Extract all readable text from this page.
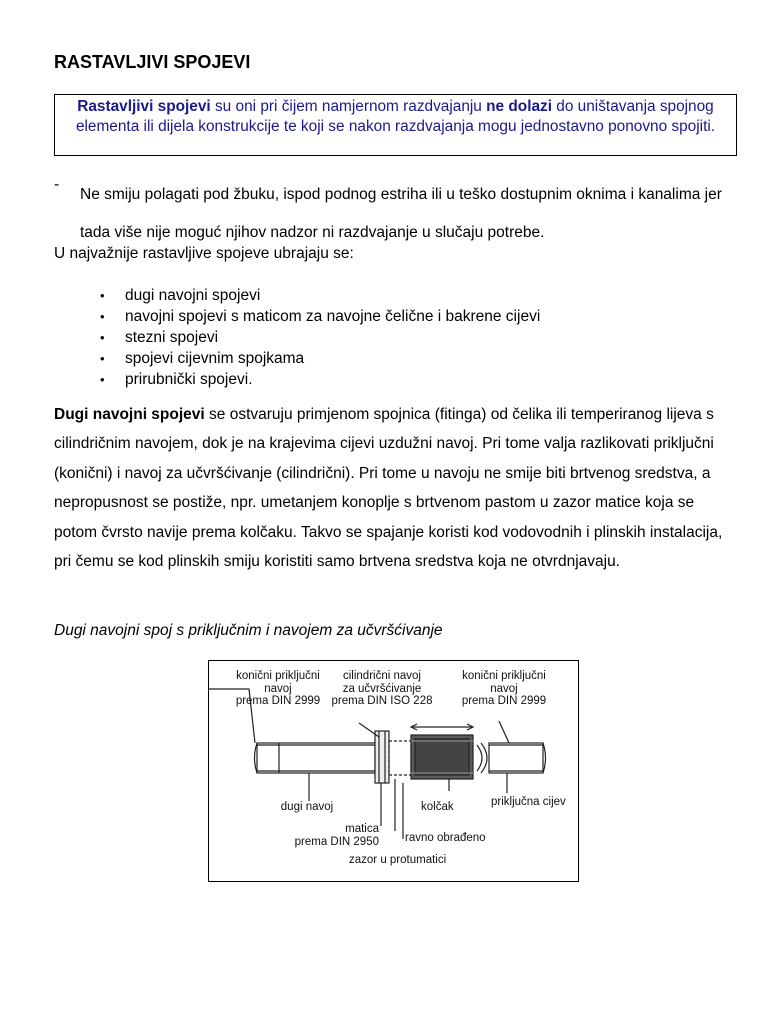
RASTAVLJIVI SPOJEVI
Rastavljivi spojevi su oni pri čijem namjernom razdvajanju ne dolazi do uništavanja spojnog elementa ili dijela konstrukcije te koji se nakon razdvajanja mogu jednostavno ponovno spojiti.
-
Ne smiju polagati pod žbuku, ispod podnog estriha ili u teško dostupnim oknima i kanalima jer tada više nije moguć njihov nadzor ni razdvajanje u slučaju potrebe.
U najvažnije rastavljive spojeve ubrajaju se:
• dugi navojni spojevi
• navojni spojevi s maticom za navojne čelične i bakrene cijevi
• stezni spojevi
• spojevi cijevnim spojkama
• prirubnički spojevi.
Dugi navojni spojevi se ostvaruju primjenom spojnica (fitinga) od čelika ili temperiranog lijeva s cilindričnim navojem, dok je na krajevima cijevi uzdužni navoj. Pri tome valja razlikovati priključni (konični) i navoj za učvršćivanje (cilindrični). Pri tome u navoju ne smije biti brtvenog sredstva, a nepropusnost se postiže, npr. umetanjem konoplje s brtvenom pastom u zazor matice koja se potom čvrsto navije prema kolčaku. Takvo se spajanje koristi kod vodovodnih i plinskih instalacija, pri čemu se kod plinskih smiju koristiti samo brtvena sredstva koja ne otvrdnjavaju.
Dugi navojni spoj s priključnim i navojem za učvršćivanje
konični priključni
navoj
prema DIN 2999
cilindrični navoj
za učvršćivanje
prema DIN ISO 228
konični priključni
navoj
prema DIN 2999
dugi navoj
matica
prema DIN 2950
kolčak
ravno obrađeno
zazor u protumatici
priključna cijev
